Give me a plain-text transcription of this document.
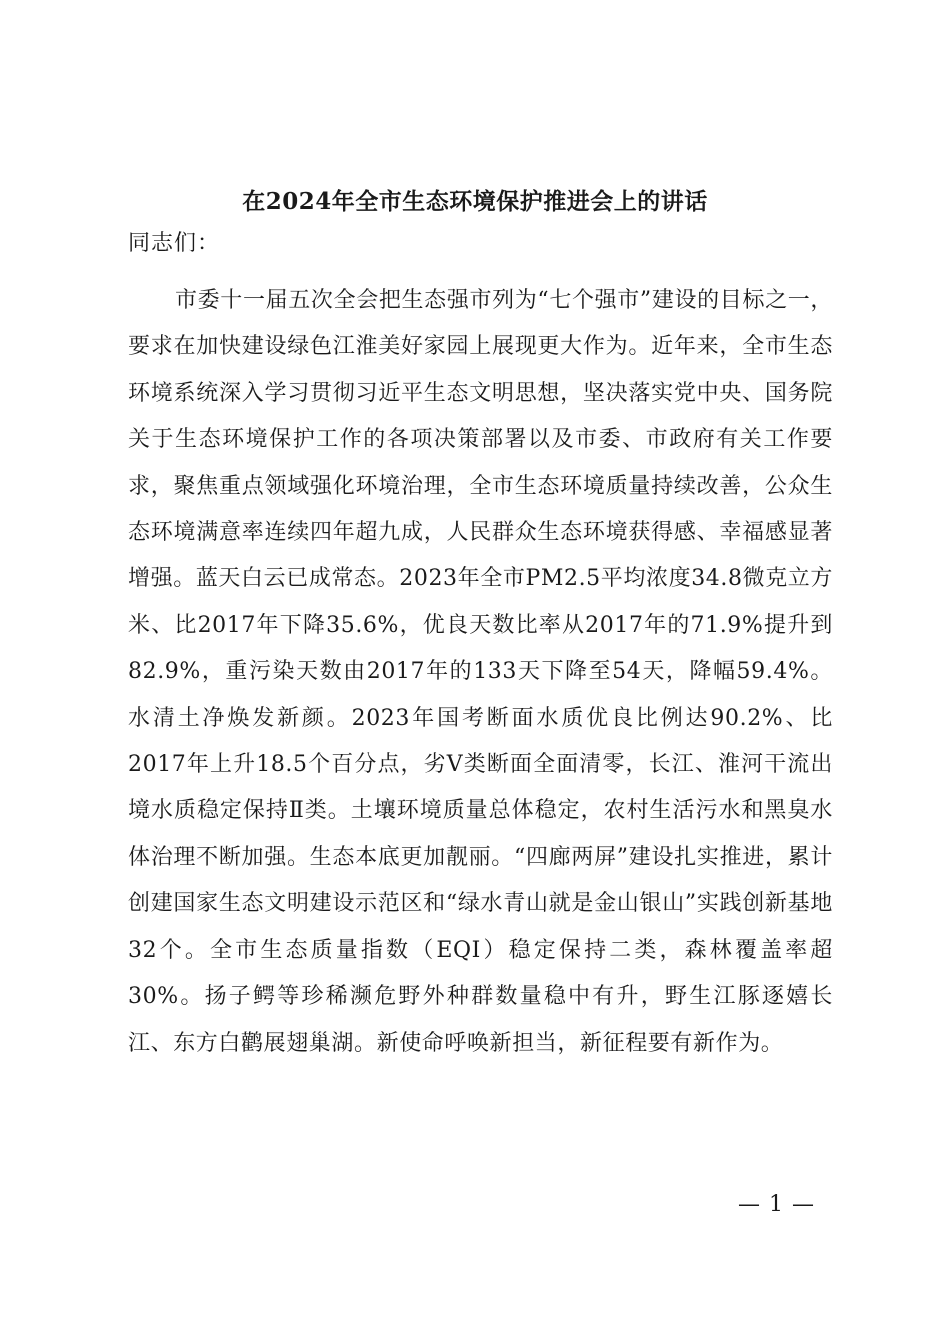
在2024年全市生态环境保护推进会上的讲话

同志们：

市委十一届五次全会把生态强市列为“七个强市”建设的目标之一，要求在加快建设绿色江淮美好家园上展现更大作为。近年来，全市生态环境系统深入学习贯彻习近平生态文明思想，坚决落实党中央、国务院关于生态环境保护工作的各项决策部署以及市委、市政府有关工作要求，聚焦重点领域强化环境治理，全市生态环境质量持续改善，公众生态环境满意率连续四年超九成，人民群众生态环境获得感、幸福感显著增强。蓝天白云已成常态。2023年全市PM2.5平均浓度34.8微克立方米、比2017年下降35.6%，优良天数比率从2017年的71.9%提升到82.9%，重污染天数由2017年的133天下降至54天，降幅59.4%。水清土净焕发新颜。2023年国考断面水质优良比例达90.2%、比2017年上升18.5个百分点，劣Ⅴ类断面全面清零，长江、淮河干流出境水质稳定保持Ⅱ类。土壤环境质量总体稳定，农村生活污水和黑臭水体治理不断加强。生态本底更加靓丽。“四廊两屏”建设扎实推进，累计创建国家生态文明建设示范区和“绿水青山就是金山银山”实践创新基地32个。全市生态质量指数（EQI）稳定保持二类，森林覆盖率超30%。扬子鳄等珍稀濒危野外种群数量稳中有升，野生江豚逐嬉长江、东方白鹳展翅巢湖。新使命呼唤新担当，新征程要有新作为。

— 1 —
